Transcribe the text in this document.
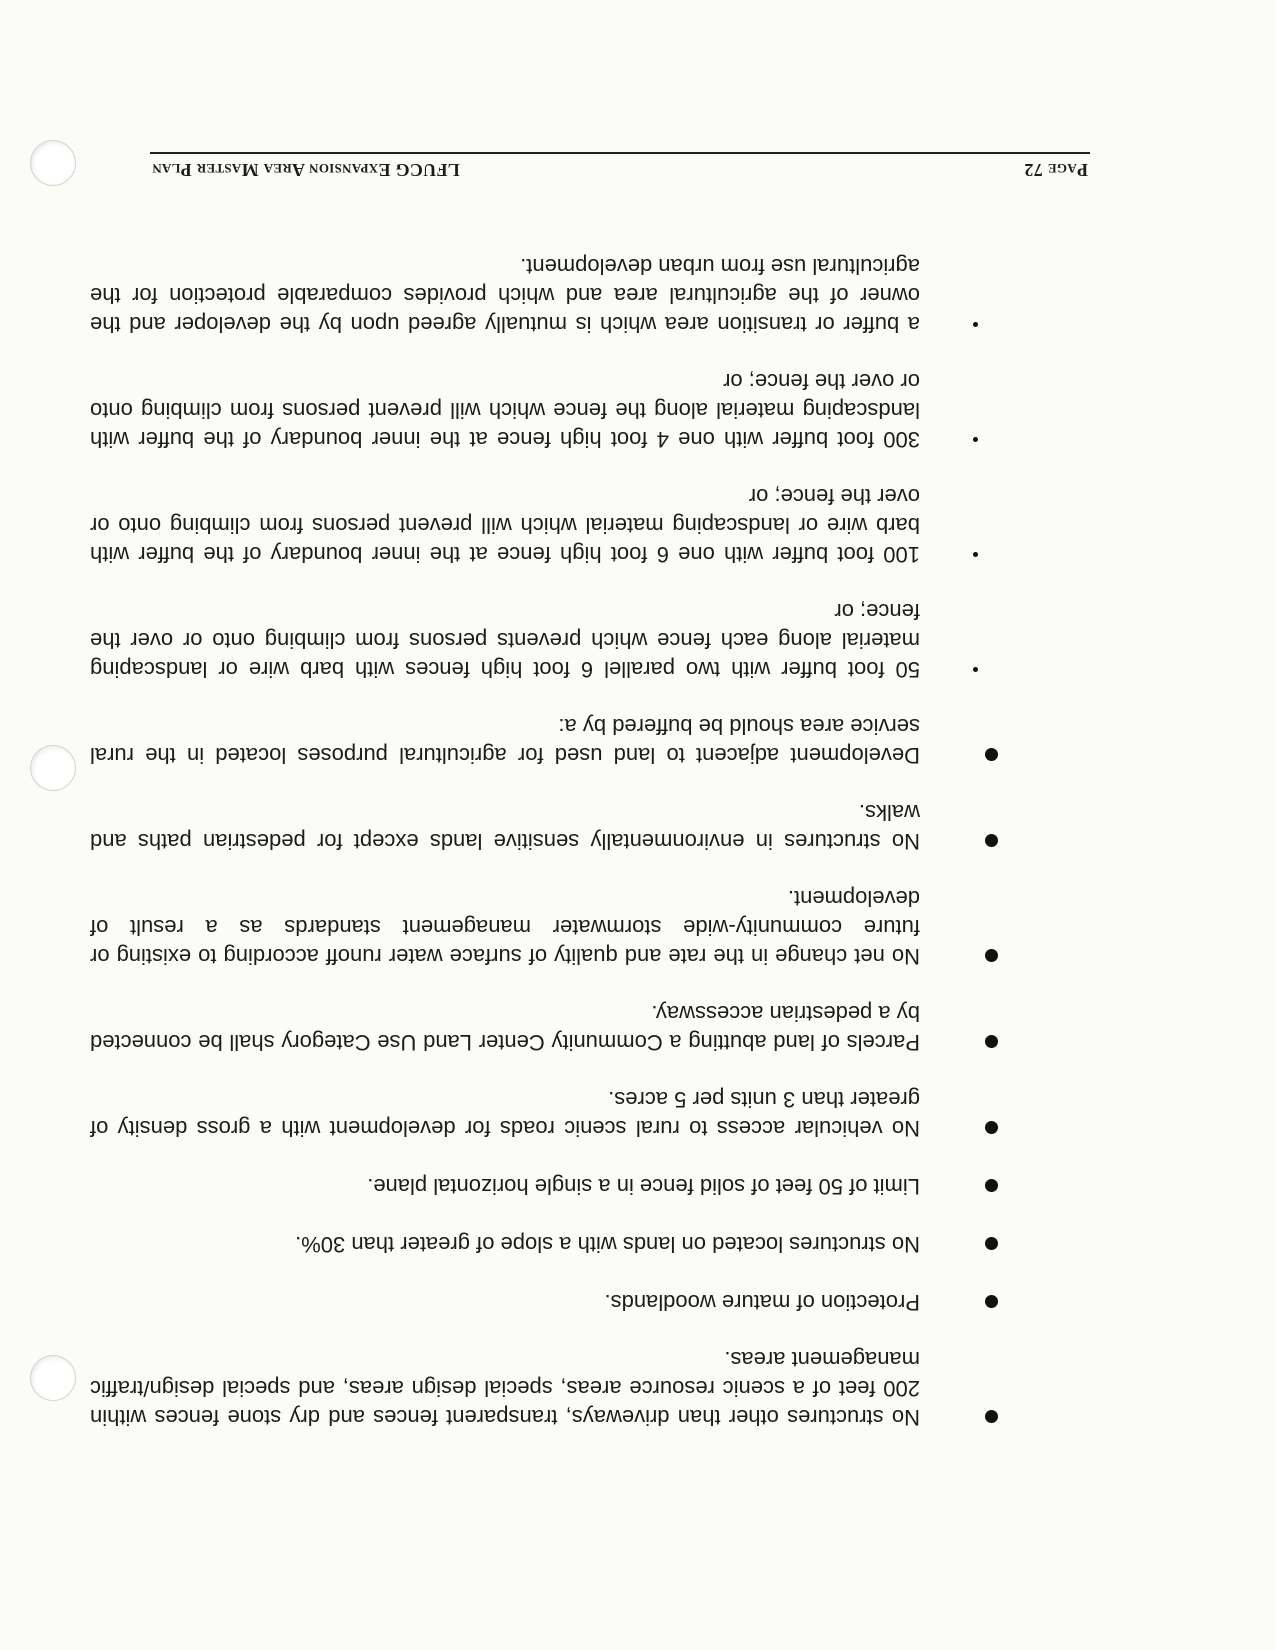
Page 72
LFUCG Expansion Area Master Plan
No structures other than driveways, transparent fences and dry stone fences within 200 feet of a scenic resource areas, special design areas, and special design/traffic management areas.
Protection of mature woodlands.
No structures located on lands with a slope of greater than 30%.
Limit of 50 feet of solid fence in a single horizontal plane.
No vehicular access to rural scenic roads for development with a gross density of greater than 3 units per 5 acres.
Parcels of land abutting a Community Center Land Use Category shall be connected by a pedestrian accessway.
No net change in the rate and quality of surface water runoff according to existing or future community-wide stormwater management standards as a result of development.
No structures in environmentally sensitive lands except for pedestrian paths and walks.
Development adjacent to land used for agricultural purposes located in the rural service area should be buffered by a:
50 foot buffer with two parallel 6 foot high fences with barb wire or landscaping material along each fence which prevents persons from climbing onto or over the fence; or
100 foot buffer with one 6 foot high fence at the inner boundary of the buffer with barb wire or landscaping material which will prevent persons from climbing onto or over the fence; or
300 foot buffer with one 4 foot high fence at the inner boundary of the buffer with landscaping material along the fence which will prevent persons from climbing onto or over the fence; or
a buffer or transition area which is mutually agreed upon by the developer and the owner of the agricultural area and which provides comparable protection for the agricultural use from urban development.
